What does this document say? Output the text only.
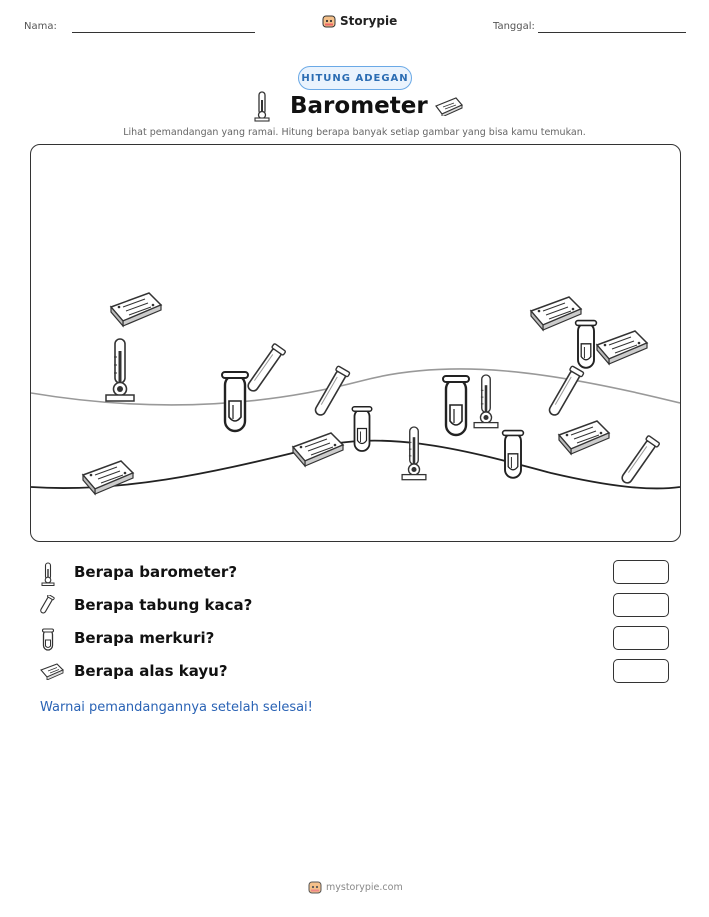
Nama:	Storypie	Tanggal:
HITUNG ADEGAN
Barometer
Lihat pemandangan yang ramai. Hitung berapa banyak setiap gambar yang bisa kamu temukan.
Berapa barometer?
Berapa tabung kaca?
Berapa merkuri?
Berapa alas kayu?
Warnai pemandangannya setelah selesai!
mystorypie.com
